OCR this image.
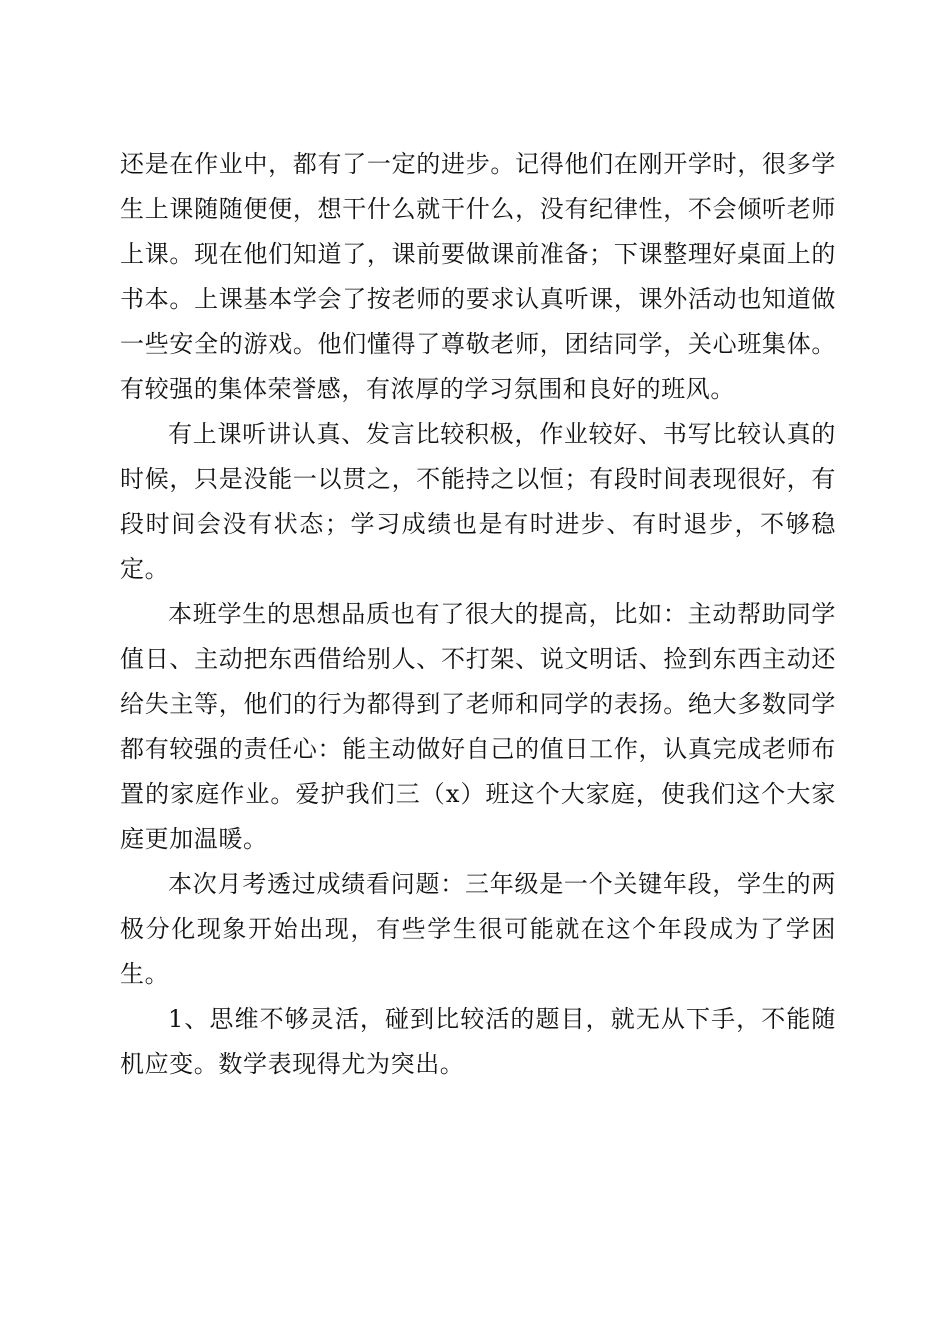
还是在作业中，都有了一定的进步。记得他们在刚开学时，很多学生上课随随便便，想干什么就干什么，没有纪律性，不会倾听老师上课。现在他们知道了，课前要做课前准备；下课整理好桌面上的书本。上课基本学会了按老师的要求认真听课，课外活动也知道做一些安全的游戏。他们懂得了尊敬老师，团结同学，关心班集体。有较强的集体荣誉感，有浓厚的学习氛围和良好的班风。

有上课听讲认真、发言比较积极，作业较好、书写比较认真的时候，只是没能一以贯之，不能持之以恒；有段时间表现很好，有段时间会没有状态；学习成绩也是有时进步、有时退步，不够稳定。

本班学生的思想品质也有了很大的提高，比如：主动帮助同学值日、主动把东西借给别人、不打架、说文明话、捡到东西主动还给失主等，他们的行为都得到了老师和同学的表扬。绝大多数同学都有较强的责任心：能主动做好自己的值日工作，认真完成老师布置的家庭作业。爱护我们三（x）班这个大家庭，使我们这个大家庭更加温暖。

本次月考透过成绩看问题：三年级是一个关键年段，学生的两极分化现象开始出现，有些学生很可能就在这个年段成为了学困生。

1、思维不够灵活，碰到比较活的题目，就无从下手，不能随机应变。数学表现得尤为突出。
